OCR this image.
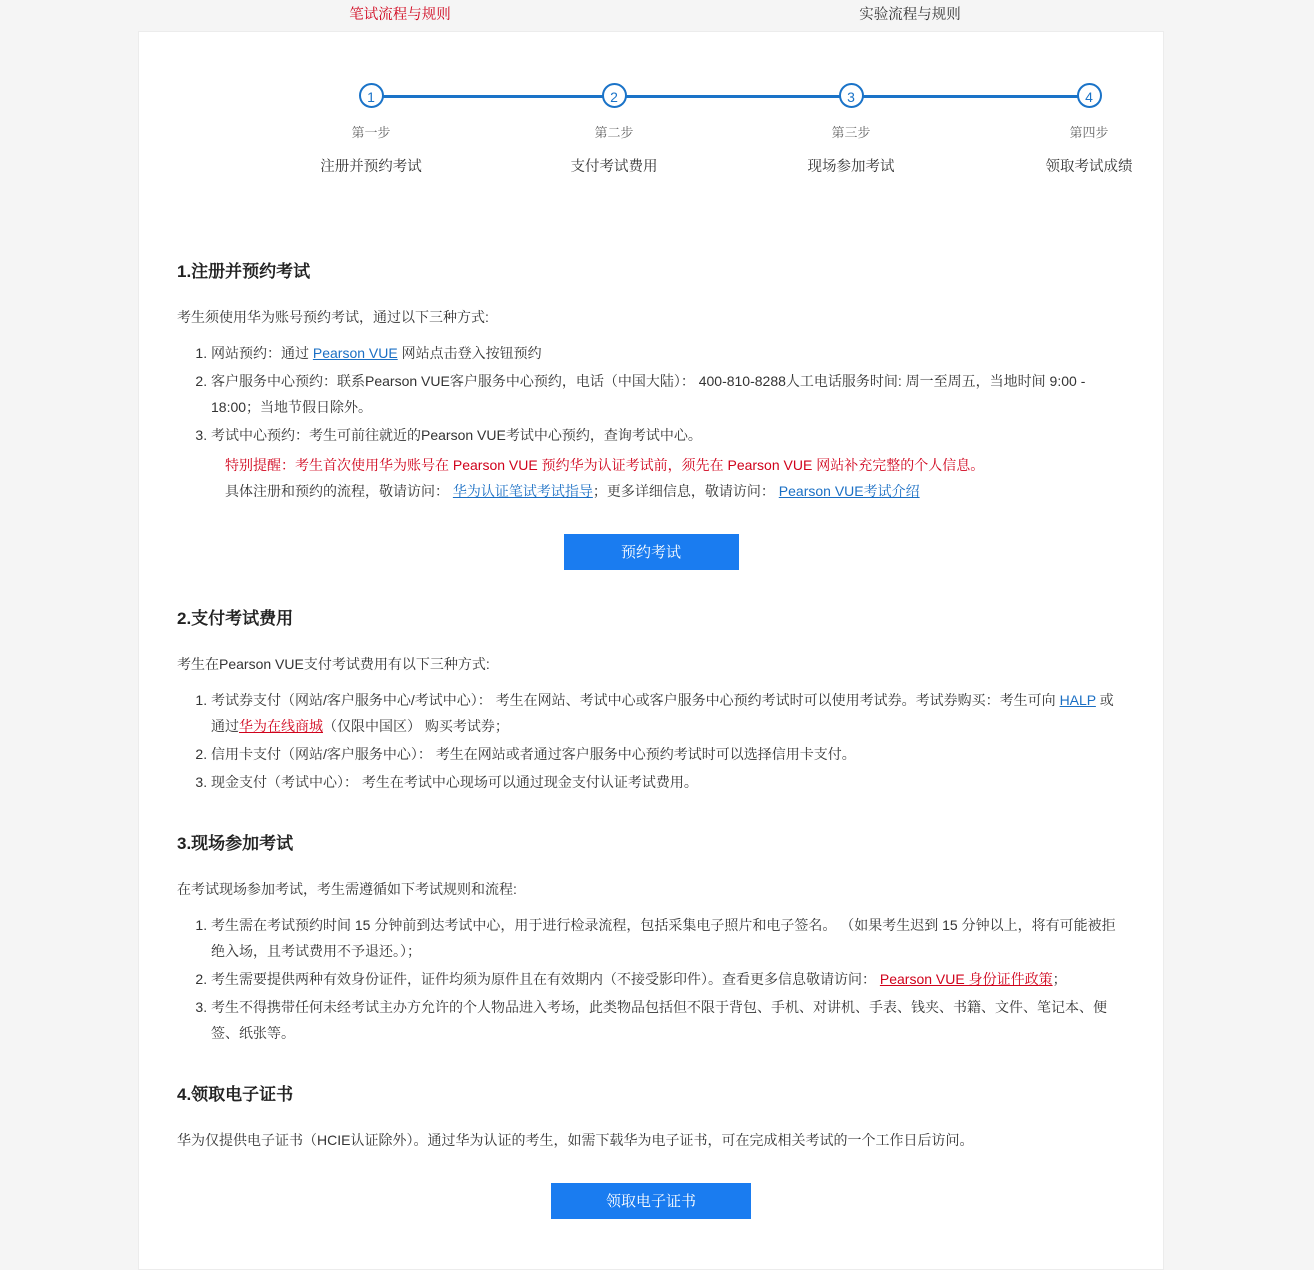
笔试流程与规则	实验流程与规则
1
第一步
注册并预约考试
2
第二步
支付考试费用
3
第三步
现场参加考试
4
第四步
领取考试成绩
1.注册并预约考试

考生须使用华为账号预约考试，通过以下三种方式:

1. 网站预约：通过 Pearson VUE 网站点击登入按钮预约
2. 客户服务中心预约：联系Pearson VUE客户服务中心预约，电话（中国大陆）： 400-810-8288人工电话服务时间: 周一至周五，当地时间 9:00 - 18:00；当地节假日除外。
3. 考试中心预约：考生可前往就近的Pearson VUE考试中心预约，查询考试中心。
特别提醒：考生首次使用华为账号在 Pearson VUE 预约华为认证考试前，须先在 Pearson VUE 网站补充完整的个人信息。
具体注册和预约的流程，敬请访问： 华为认证笔试考试指导；更多详细信息，敬请访问： Pearson VUE考试介绍
预约考试
2.支付考试费用

考生在Pearson VUE支付考试费用有以下三种方式:

1. 考试券支付（网站/客户服务中心/考试中心）： 考生在网站、考试中心或客户服务中心预约考试时可以使用考试券。考试券购买：考生可向 HALP 或通过华为在线商城（仅限中国区） 购买考试券；
2. 信用卡支付（网站/客户服务中心）： 考生在网站或者通过客户服务中心预约考试时可以选择信用卡支付。
3. 现金支付（考试中心）： 考生在考试中心现场可以通过现金支付认证考试费用。
3.现场参加考试

在考试现场参加考试，考生需遵循如下考试规则和流程:

1. 考生需在考试预约时间 15 分钟前到达考试中心，用于进行检录流程，包括采集电子照片和电子签名。 （如果考生迟到 15 分钟以上，将有可能被拒绝入场，且考试费用不予退还。）；
2. 考生需要提供两种有效身份证件，证件均须为原件且在有效期内（不接受影印件）。查看更多信息敬请访问： Pearson VUE 身份证件政策；
3. 考生不得携带任何未经考试主办方允许的个人物品进入考场，此类物品包括但不限于背包、手机、对讲机、手表、钱夹、书籍、文件、笔记本、便签、纸张等。
4.领取电子证书

华为仅提供电子证书（HCIE认证除外）。通过华为认证的考生，如需下载华为电子证书，可在完成相关考试的一个工作日后访问。

领取电子证书
